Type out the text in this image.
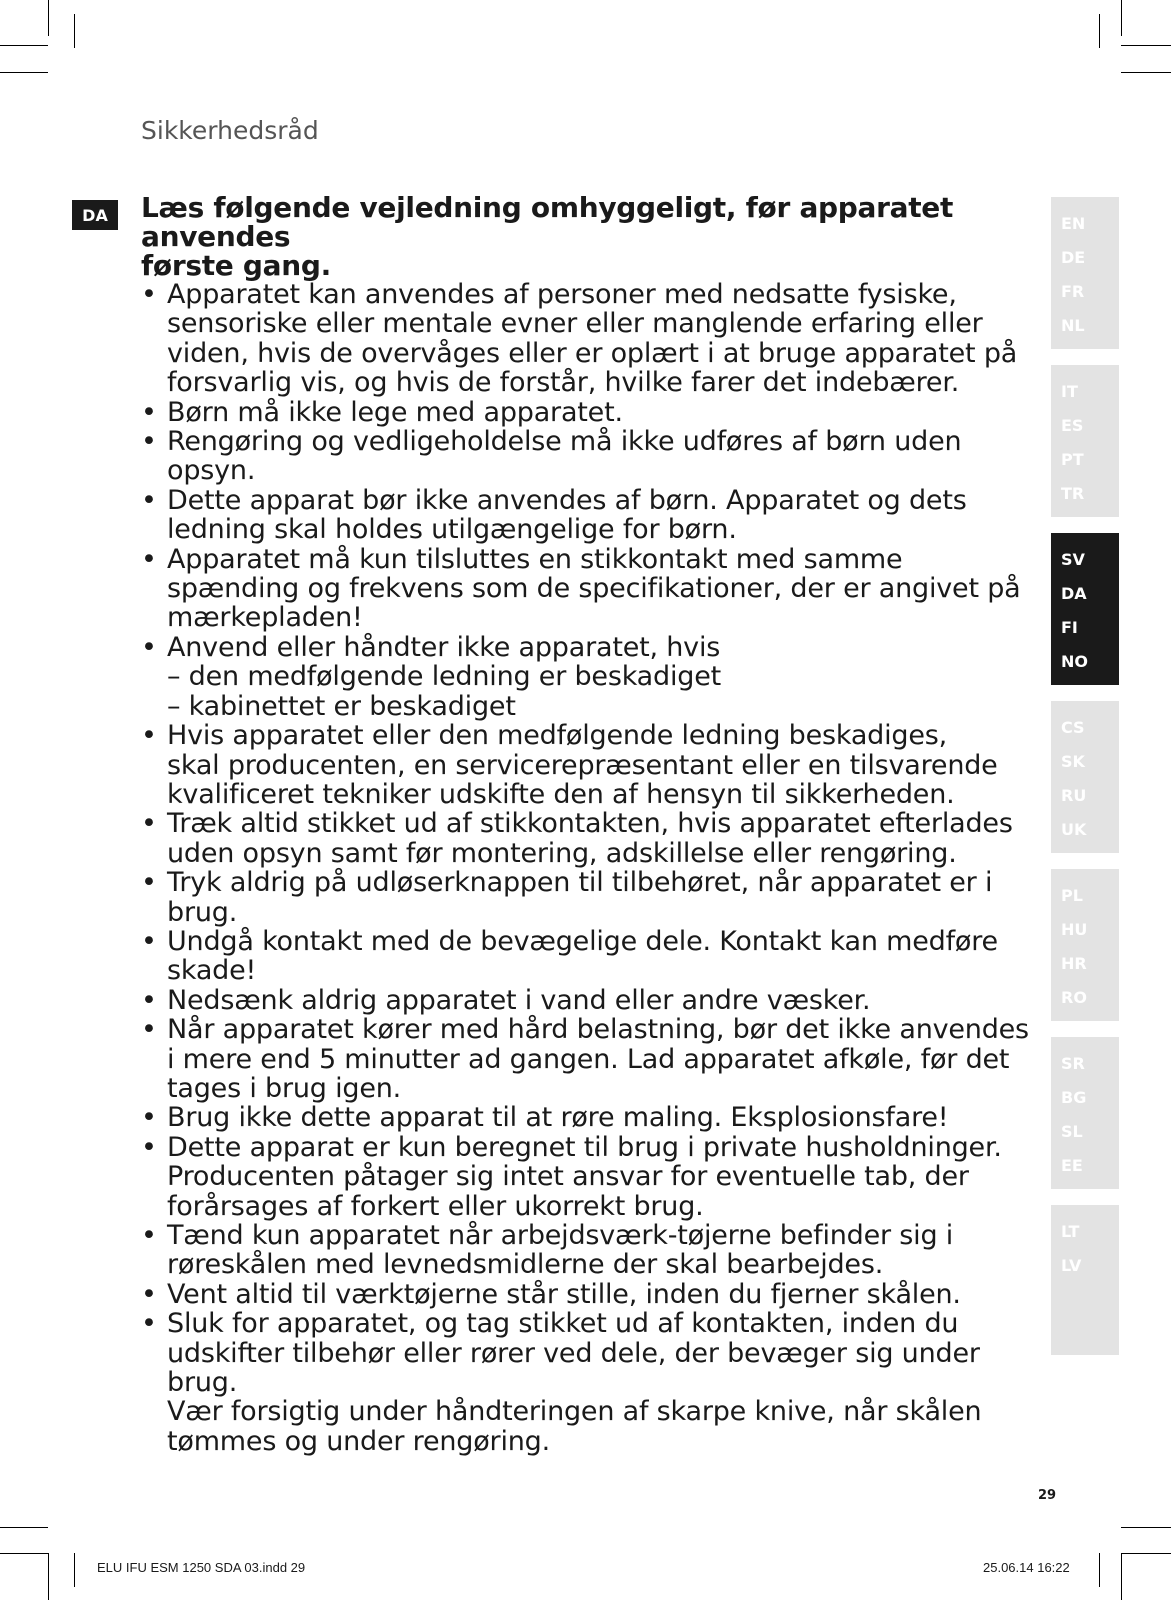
Sikkerhedsråd
DA	Læs følgende vejledning omhyggeligt, før apparatet anvendes
første gang.
• Apparatet kan anvendes af personer med nedsatte fysiske,
sensoriske eller mentale evner eller manglende erfaring eller
viden, hvis de overvåges eller er oplært i at bruge apparatet på
forsvarlig vis, og hvis de forstår, hvilke farer det indebærer.
• Børn må ikke lege med apparatet.
• Rengøring og vedligeholdelse må ikke udføres af børn uden
opsyn.
• Dette apparat bør ikke anvendes af børn. Apparatet og dets
ledning skal holdes utilgængelige for børn.
• Apparatet må kun tilsluttes en stikkontakt med samme
spænding og frekvens som de specifikationer, der er angivet på
mærkepladen!
• Anvend eller håndter ikke apparatet, hvis
– den medfølgende ledning er beskadiget
– kabinettet er beskadiget
• Hvis apparatet eller den medfølgende ledning beskadiges,
skal producenten, en servicerepræsentant eller en tilsvarende
kvalificeret tekniker udskifte den af hensyn til sikkerheden.
• Træk altid stikket ud af stikkontakten, hvis apparatet efterlades
uden opsyn samt før montering, adskillelse eller rengøring.
• Tryk aldrig på udløserknappen til tilbehøret, når apparatet er i
brug.
• Undgå kontakt med de bevægelige dele. Kontakt kan medføre
skade!
• Nedsænk aldrig apparatet i vand eller andre væsker.
• Når apparatet kører med hård belastning, bør det ikke anvendes
i mere end 5 minutter ad gangen. Lad apparatet afkøle, før det
tages i brug igen.
• Brug ikke dette apparat til at røre maling. Eksplosionsfare!
• Dette apparat er kun beregnet til brug i private husholdninger.
Producenten påtager sig intet ansvar for eventuelle tab, der
forårsages af forkert eller ukorrekt brug.
• Tænd kun apparatet når arbejdsværk-tøjerne befinder sig i
røreskålen med levnedsmidlerne der skal bearbejdes.
• Vent altid til værktøjerne står stille, inden du fjerner skålen.
• Sluk for apparatet, og tag stikket ud af kontakten, inden du
udskifter tilbehør eller rører ved dele, der bevæger sig under
brug.
Vær forsigtig under håndteringen af skarpe knive, når skålen
tømmes og under rengøring.
EN
DE
FR
NL
IT
ES
PT
TR
SV
DA
FI
NO
CS
SK
RU
UK
PL
HU
HR
RO
SR
BG
SL
EE
LT
LV
29
ELU IFU ESM 1250 SDA 03.indd 29	25.06.14 16:22
